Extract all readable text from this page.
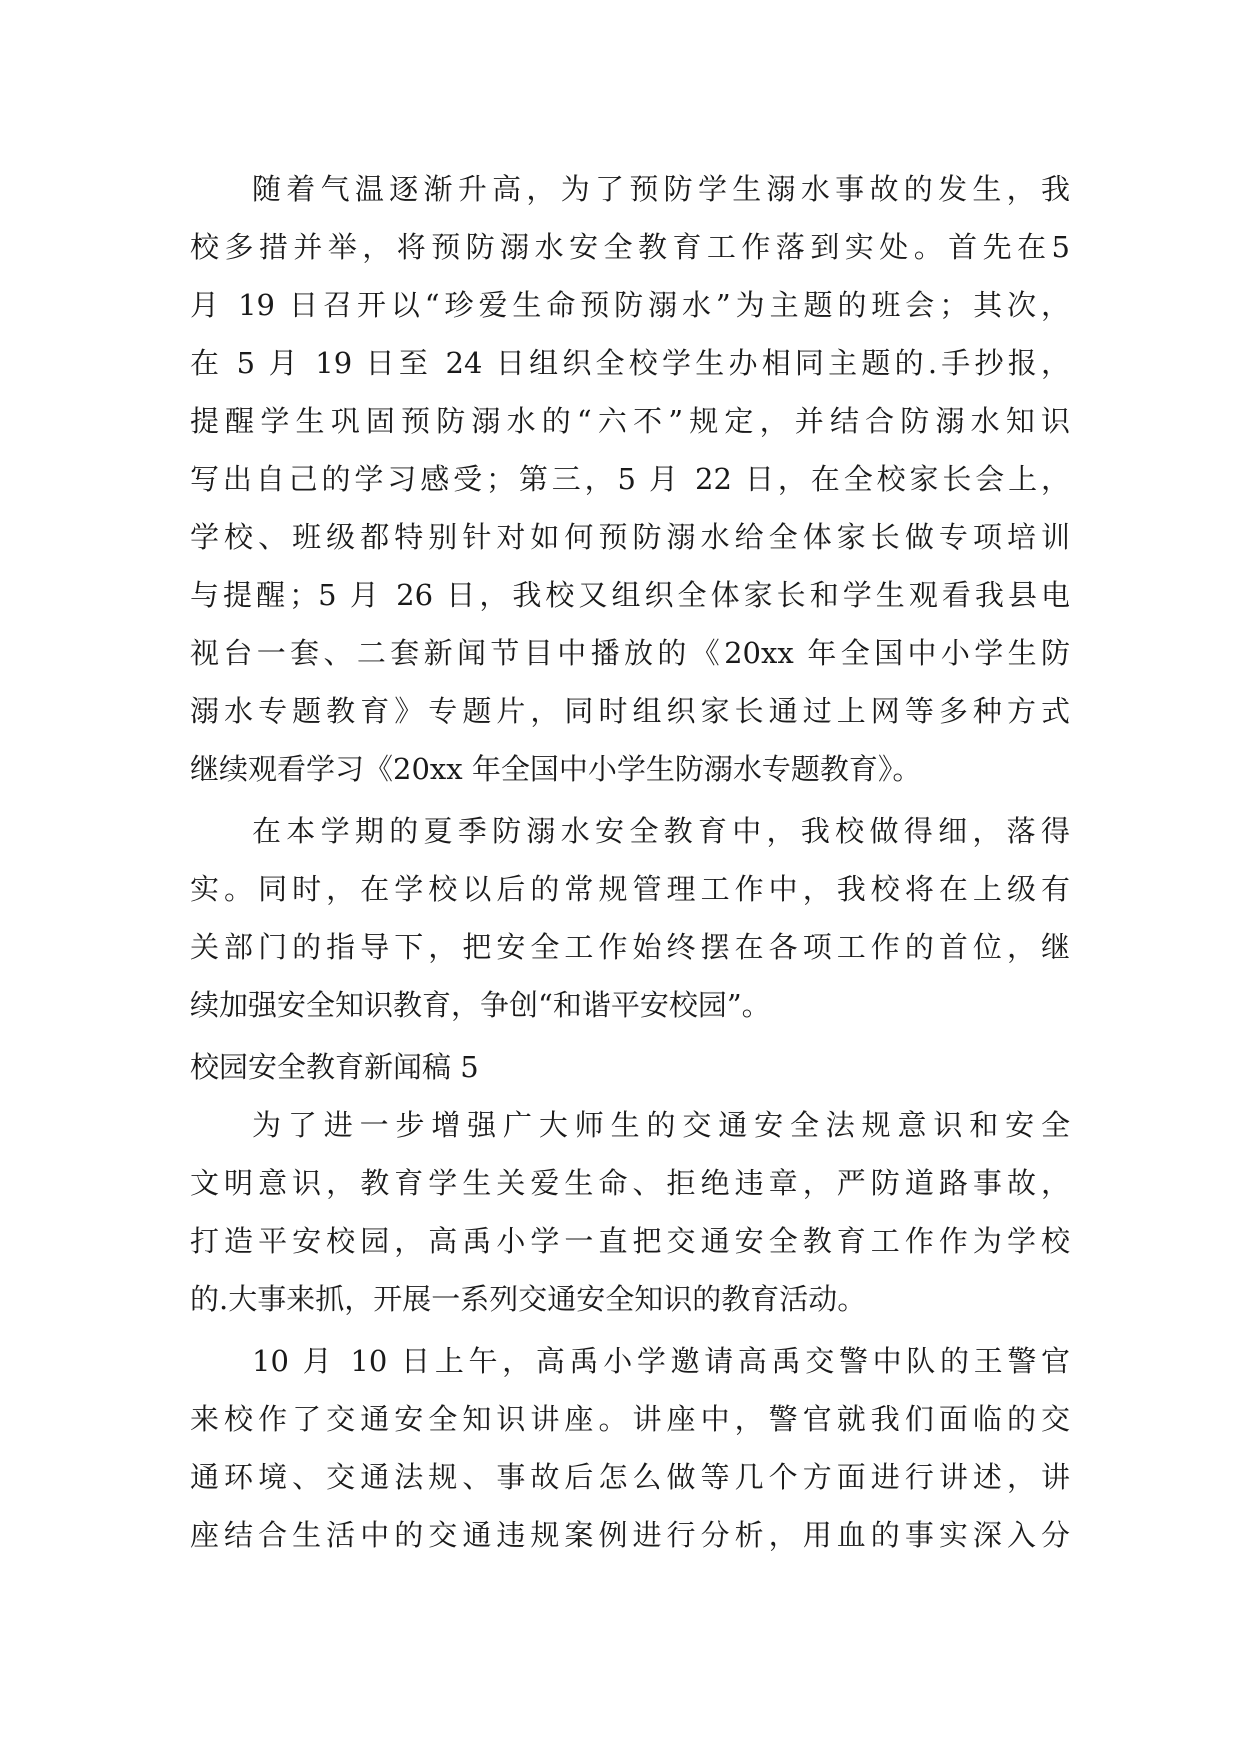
随着气温逐渐升高，为了预防学生溺水事故的发生，我
校多措并举，将预防溺水安全教育工作落到实处。首先在5
月 19 日召开以“珍爱生命预防溺水”为主题的班会；其次，
在 5 月 19 日至 24 日组织全校学生办相同主题的.手抄报，
提醒学生巩固预防溺水的“六不”规定，并结合防溺水知识
写出自己的学习感受；第三，5 月 22 日，在全校家长会上，
学校、班级都特别针对如何预防溺水给全体家长做专项培训
与提醒；5 月 26 日，我校又组织全体家长和学生观看我县电
视台一套、二套新闻节目中播放的《20xx 年全国中小学生防
溺水专题教育》专题片，同时组织家长通过上网等多种方式
继续观看学习《20xx 年全国中小学生防溺水专题教育》。
在本学期的夏季防溺水安全教育中，我校做得细，落得
实。同时，在学校以后的常规管理工作中，我校将在上级有
关部门的指导下，把安全工作始终摆在各项工作的首位，继
续加强安全知识教育，争创“和谐平安校园”。
校园安全教育新闻稿 5
为了进一步增强广大师生的交通安全法规意识和安全
文明意识，教育学生关爱生命、拒绝违章，严防道路事故，
打造平安校园，高禹小学一直把交通安全教育工作作为学校
的.大事来抓，开展一系列交通安全知识的教育活动。
10 月 10 日上午，高禹小学邀请高禹交警中队的王警官
来校作了交通安全知识讲座。讲座中，警官就我们面临的交
通环境、交通法规、事故后怎么做等几个方面进行讲述，讲
座结合生活中的交通违规案例进行分析，用血的事实深入分
